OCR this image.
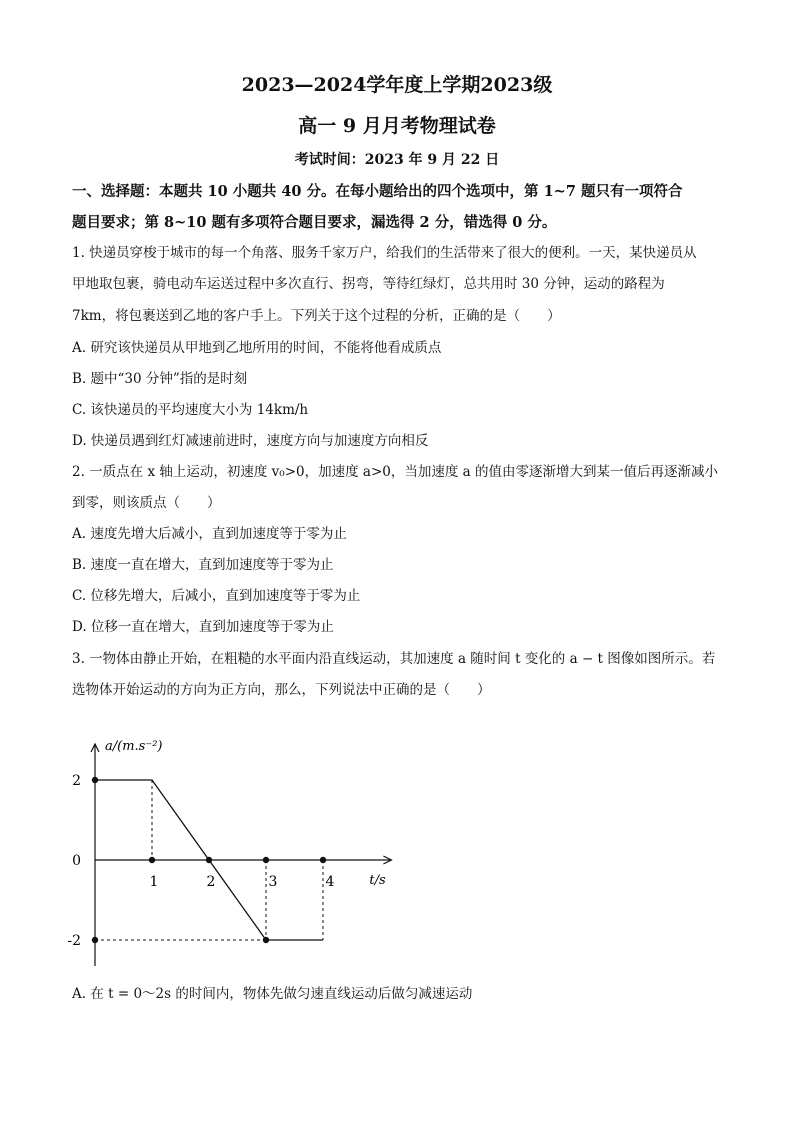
2023—2024学年度上学期2023级
高一 9 月月考物理试卷
考试时间：2023 年 9 月 22 日
一、选择题：本题共 10 小题共 40 分。在每小题给出的四个选项中，第 1~7 题只有一项符合
题目要求；第 8~10 题有多项符合题目要求，漏选得 2 分，错选得 0 分。
1. 快递员穿梭于城市的每一个角落、服务千家万户，给我们的生活带来了很大的便利。一天，某快递员从
甲地取包裹，骑电动车运送过程中多次直行、拐弯，等待红绿灯，总共用时 30 分钟，运动的路程为
7km，将包裹送到乙地的客户手上。下列关于这个过程的分析，正确的是（　　）
A. 研究该快递员从甲地到乙地所用的时间，不能将他看成质点
B. 题中“30 分钟”指的是时刻
C. 该快递员的平均速度大小为 14km/h
D. 快递员遇到红灯减速前进时，速度方向与加速度方向相反
2. 一质点在 x 轴上运动，初速度 v₀>0，加速度 a>0，当加速度 a 的值由零逐渐增大到某一值后再逐渐减小
到零，则该质点（　　）
A. 速度先增大后减小，直到加速度等于零为止
B. 速度一直在增大，直到加速度等于零为止
C. 位移先增大，后减小，直到加速度等于零为止
D. 位移一直在增大，直到加速度等于零为止
3. 一物体由静止开始，在粗糙的水平面内沿直线运动，其加速度 a 随时间 t 变化的 a − t 图像如图所示。若
选物体开始运动的方向为正方向，那么，下列说法中正确的是（　　）
a/(m.s⁻²)
t/s
2
0
-2
1	2	3	4
A. 在 t = 0～2s 的时间内，物体先做匀速直线运动后做匀减速运动
